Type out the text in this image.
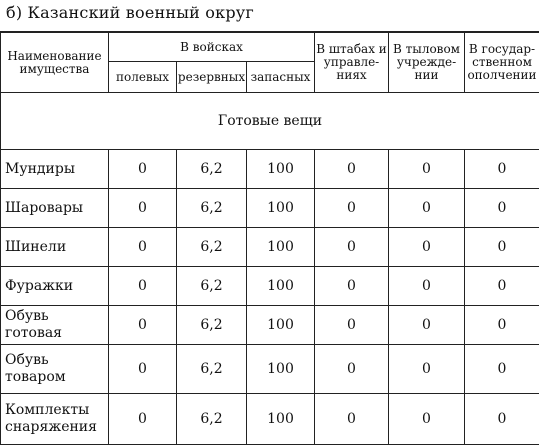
б) Казанский военный округ
Наименование имущества	В войсках			В штабах и управле-ниях	В тыловом учрежде-нии	В государ-ственном ополчении
	полевых	резервных	запасных			
Готовые вещи						
Мундиры	0	6,2	100	0	0	0
Шаровары	0	6,2	100	0	0	0
Шинели	0	6,2	100	0	0	0
Фуражки	0	6,2	100	0	0	0
Обувь готовая	0	6,2	100	0	0	0
Обувь товаром	0	6,2	100	0	0	0
Комплекты снаряжения	0	6,2	100	0	0	0
